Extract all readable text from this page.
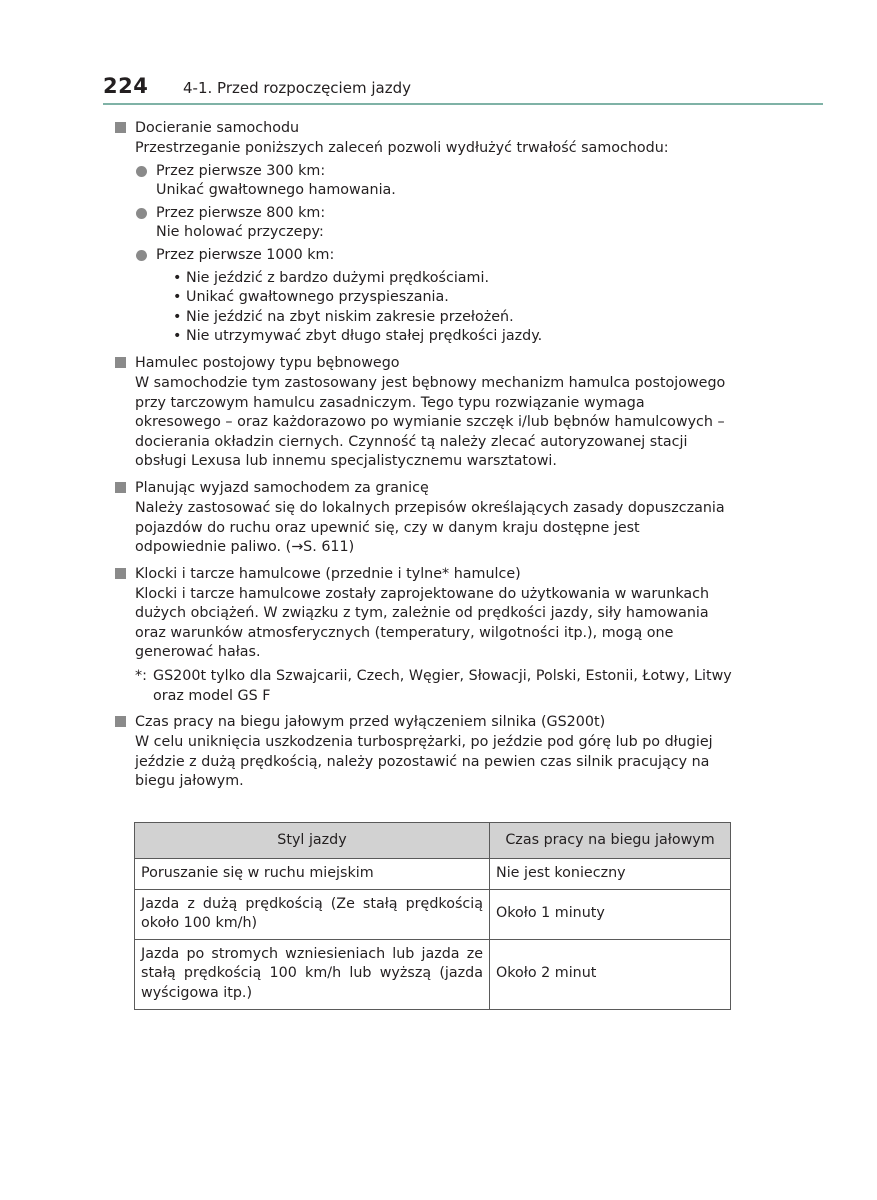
224 4-1. Przed rozpoczęciem jazdy
Docieranie samochodu

Przestrzeganie poniższych zaleceń pozwoli wydłużyć trwałość samochodu:

Przez pierwsze 300 km:
Unikać gwałtownego hamowania.
Przez pierwsze 800 km:
Nie holować przyczepy:
Przez pierwsze 1000 km:
• Nie jeździć z bardzo dużymi prędkościami.
• Unikać gwałtownego przyspieszania.
• Nie jeździć na zbyt niskim zakresie przełożeń.
• Nie utrzymywać zbyt długo stałej prędkości jazdy.
Hamulec postojowy typu bębnowego

W samochodzie tym zastosowany jest bębnowy mechanizm hamulca postojowego przy tarczowym hamulcu zasadniczym. Tego typu rozwiązanie wymaga okresowego – oraz każdorazowo po wymianie szczęk i/lub bębnów hamulcowych – docierania okładzin ciernych. Czynność tą należy zlecać autoryzowanej stacji obsługi Lexusa lub innemu specjalistycznemu warsztatowi.

Planując wyjazd samochodem za granicę

Należy zastosować się do lokalnych przepisów określających zasady dopuszczania pojazdów do ruchu oraz upewnić się, czy w danym kraju dostępne jest odpowiednie paliwo. (→S. 611)

Klocki i tarcze hamulcowe (przednie i tylne* hamulce)

Klocki i tarcze hamulcowe zostały zaprojektowane do użytkowania w warunkach dużych obciążeń. W związku z tym, zależnie od prędkości jazdy, siły hamowania oraz warunków atmosferycznych (temperatury, wilgotności itp.), mogą one generować hałas.

*: GS200t tylko dla Szwajcarii, Czech, Węgier, Słowacji, Polski, Estonii, Łotwy, Litwy oraz model GS F
Czas pracy na biegu jałowym przed wyłączeniem silnika (GS200t)

W celu uniknięcia uszkodzenia turbosprężarki, po jeździe pod górę lub po długiej jeździe z dużą prędkością, należy pozostawić na pewien czas silnik pracujący na biegu jałowym.

Styl jazdy	Czas pracy na biegu jałowym
Poruszanie się w ruchu miejskim	Nie jest konieczny
Jazda z dużą prędkością (Ze stałą prędkością około 100 km/h)	Około 1 minuty
Jazda po stromych wzniesieniach lub jazda ze stałą prędkością 100 km/h lub wyższą (jazda wyścigowa itp.)	Około 2 minut
